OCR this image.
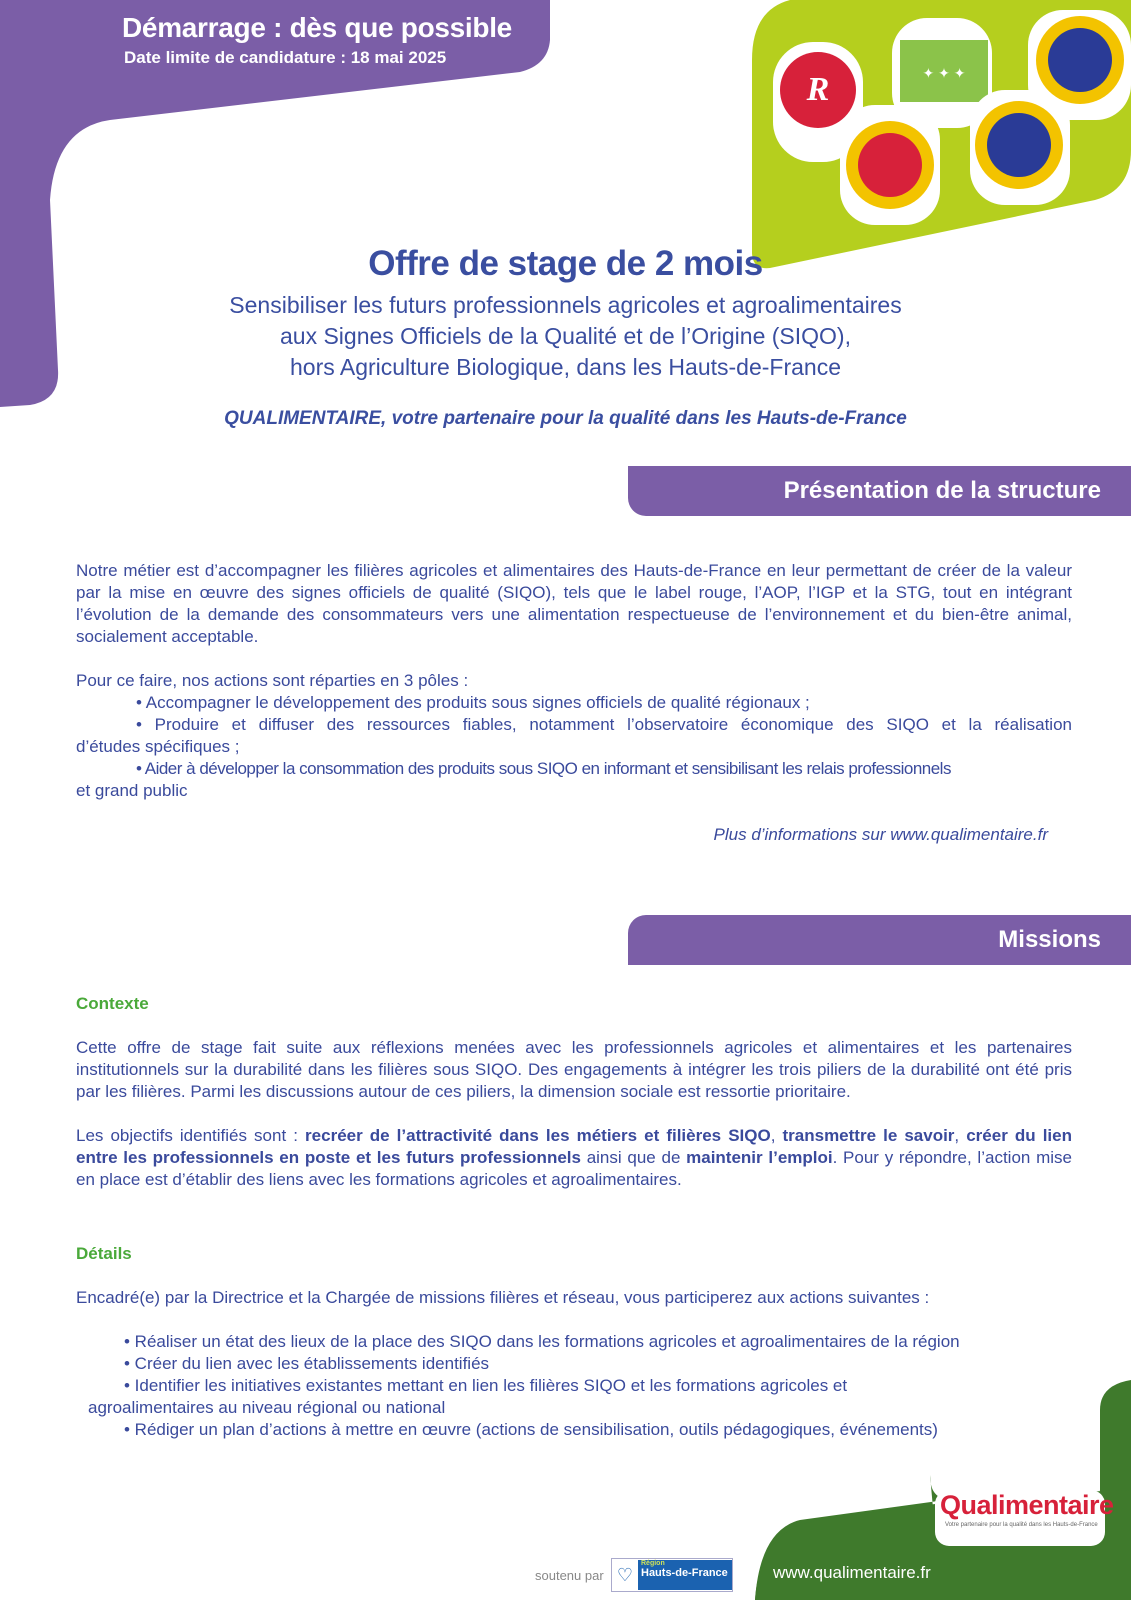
R	✦ ✦ ✦
Démarrage : dès que possible
Date limite de candidature : 18 mai 2025
Offre de stage de 2 mois
Sensibiliser les futurs professionnels agricoles et agroalimentaires
aux Signes Officiels de la Qualité et de l’Origine (SIQO),
hors Agriculture Biologique, dans les Hauts-de-France
QUALIMENTAIRE, votre partenaire pour la qualité dans les Hauts-de-France
Présentation de la structure

Notre métier est d’accompagner les filières agricoles et alimentaires des Hauts-de-France en leur permettant de créer de la valeur par la mise en œuvre des signes officiels de qualité (SIQO), tels que le label rouge, l’AOP, l’IGP et la STG, tout en intégrant l’évolution de la demande des consommateurs vers une alimentation respectueuse de l’environnement et du bien-être animal, socialement acceptable.

Pour ce faire, nos actions sont réparties en 3 pôles :

• Accompagner le développement des produits sous signes officiels de qualité régionaux ;

• Produire et diffuser des ressources fiables, notamment l’observatoire économique des SIQO et la réalisation

d’études spécifiques ;

• Aider à développer la consommation des produits sous SIQO en informant et sensibilisant les relais professionnels

et grand public

Plus d’informations sur www.qualimentaire.fr

Missions

Contexte

Cette offre de stage fait suite aux réflexions menées avec les professionnels agricoles et alimentaires et les partenaires institutionnels sur la durabilité dans les filières sous SIQO. Des engagements à intégrer les trois piliers de la durabilité ont été pris par les filières. Parmi les discussions autour de ces piliers, la dimension sociale est ressortie prioritaire.

Les objectifs identifiés sont : recréer de l’attractivité dans les métiers et filières SIQO, transmettre le savoir, créer du lien entre les professionnels en poste et les futurs professionnels ainsi que de maintenir l’emploi. Pour y répondre, l’action mise en place est d’établir des liens avec les formations agricoles et agroalimentaires.

Détails

Encadré(e) par la Directrice et la Chargée de missions filières et réseau, vous participerez aux actions suivantes :

• Réaliser un état des lieux de la place des SIQO dans les formations agricoles et agroalimentaires de la région

• Créer du lien avec les établissements identifiés

• Identifier les initiatives existantes mettant en lien les filières SIQO et les formations agricoles et

agroalimentaires au niveau régional ou national

• Rédiger un plan d’actions à mettre en œuvre (actions de sensibilisation, outils pédagogiques, événements)

Qualimentaire
Votre partenaire pour la qualité dans les Hauts-de-France
www.qualimentaire.fr
soutenu par ♡
Région
Hauts-de-France
